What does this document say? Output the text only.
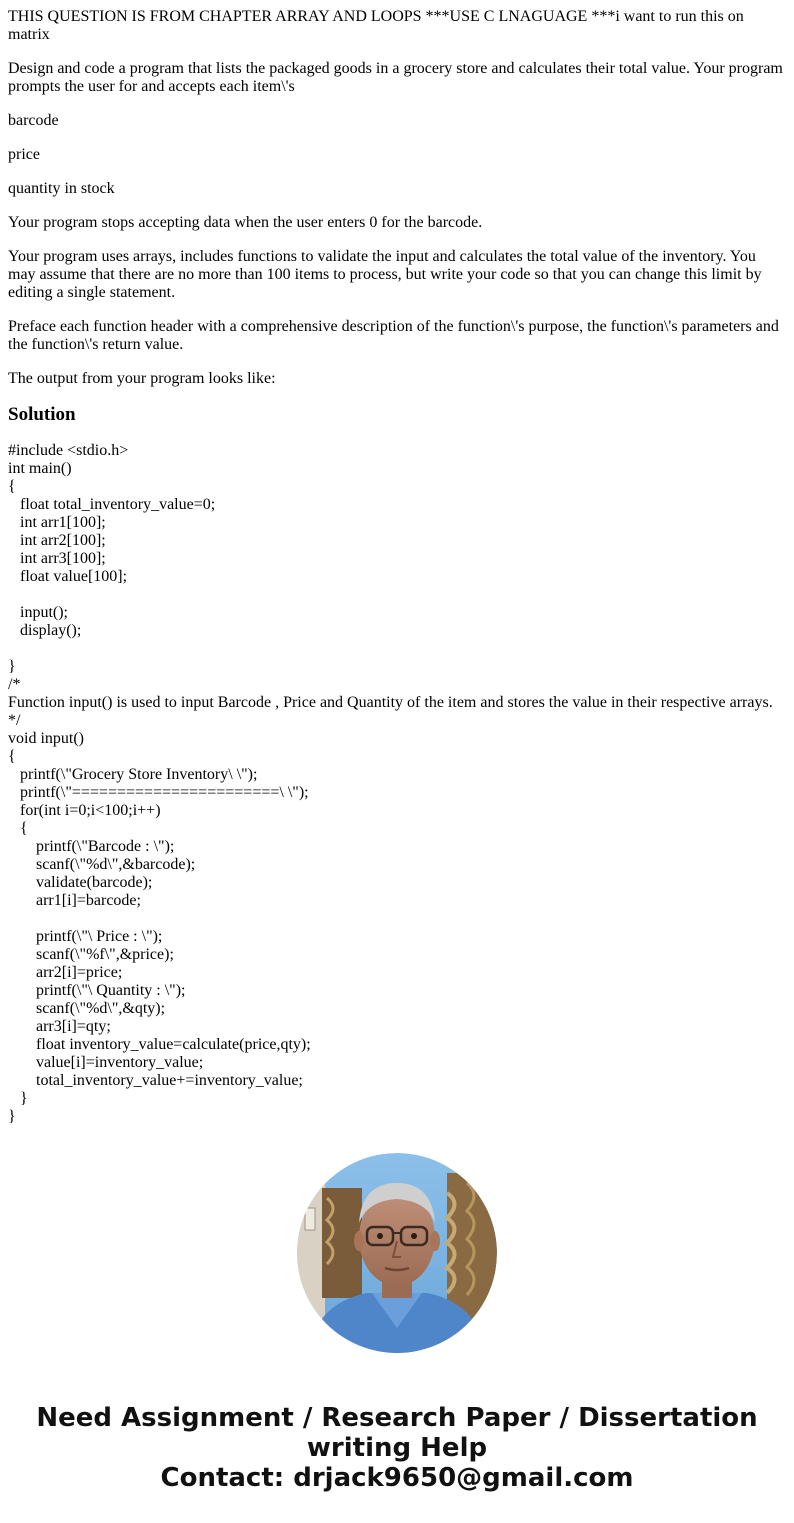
THIS QUESTION IS FROM CHAPTER ARRAY AND LOOPS ***USE C LNAGUAGE ***i want to run this on matrix

Design and code a program that lists the packaged goods in a grocery store and calculates their total value. Your program prompts the user for and accepts each item\'s

barcode

price

quantity in stock

Your program stops accepting data when the user enters 0 for the barcode.

Your program uses arrays, includes functions to validate the input and calculates the total value of the inventory. You may assume that there are no more than 100 items to process, but write your code so that you can change this limit by editing a single statement.

Preface each function header with a comprehensive description of the function\'s purpose, the function\'s parameters and the function\'s return value.

The output from your program looks like:

Solution
#include <stdio.h>
int main()
{
float total_inventory_value=0;
int arr1[100];
int arr2[100];
int arr3[100];
float value[100];
input();
display();
}
/*
Function input() is used to input Barcode , Price and Quantity of the item and stores the value in their respective arrays.
*/
void input()
{
printf(\"Grocery Store Inventory\ \");
printf(\"=======================\ \");
for(int i=0;i<100;i++)
{
printf(\"Barcode : \");
scanf(\"%d\",&barcode);
validate(barcode);
arr1[i]=barcode;
printf(\"\ Price : \");
scanf(\"%f\",&price);
arr2[i]=price;
printf(\"\ Quantity : \");
scanf(\"%d\",&qty);
arr3[i]=qty;
float inventory_value=calculate(price,qty);
value[i]=inventory_value;
total_inventory_value+=inventory_value;
}
}
Need Assignment / Research Paper / Dissertation
writing Help
Contact: drjack9650@gmail.com
